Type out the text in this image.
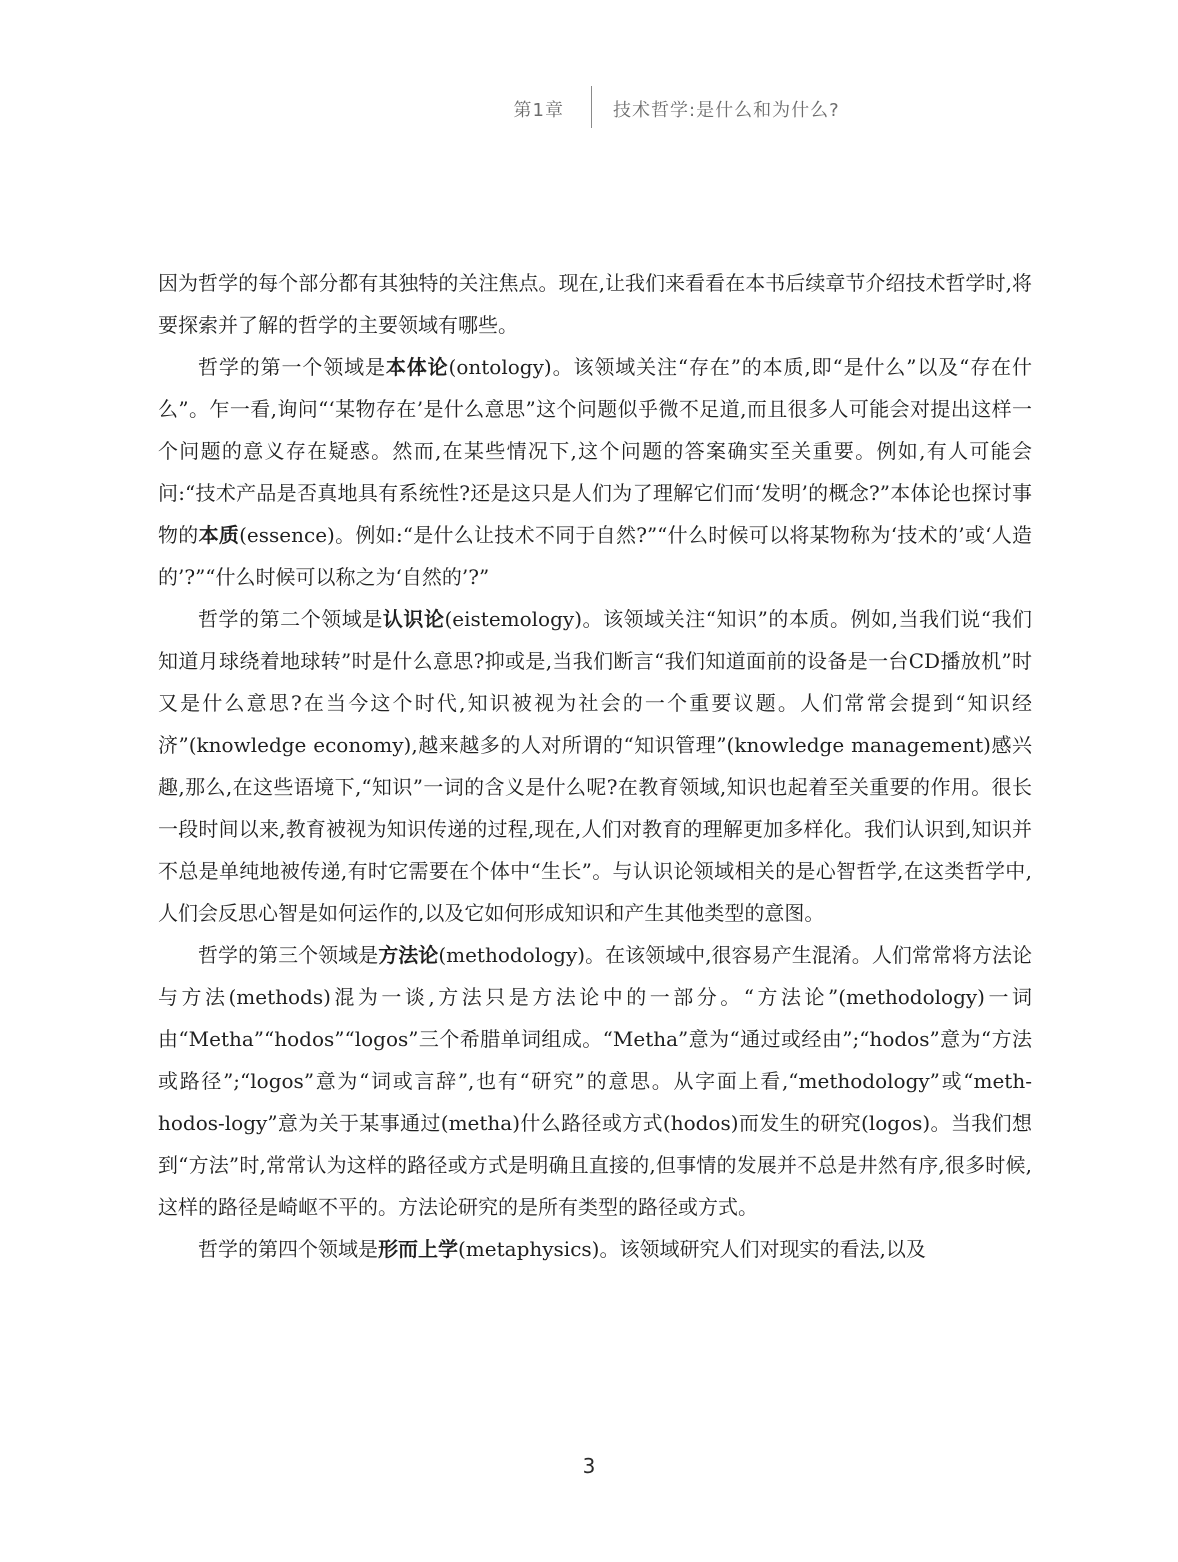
第1章	技术哲学:是什么和为什么?

因为哲学的每个部分都有其独特的关注焦点。现在,让我们来看看在本书后续章节介绍技术哲学时,将要探索并了解的哲学的主要领域有哪些。

哲学的第一个领域是本体论(ontology)。该领域关注“存在”的本质,即“是什么”以及“存在什么”。乍一看,询问“‘某物存在’是什么意思”这个问题似乎微不足道,而且很多人可能会对提出这样一个问题的意义存在疑惑。然而,在某些情况下,这个问题的答案确实至关重要。例如,有人可能会问:“技术产品是否真地具有系统性?还是这只是人们为了理解它们而‘发明’的概念?”本体论也探讨事物的本质(essence)。例如:“是什么让技术不同于自然?”“什么时候可以将某物称为‘技术的’或‘人造的’?”“什么时候可以称之为‘自然的’?”

哲学的第二个领域是认识论(eistemology)。该领域关注“知识”的本质。例如,当我们说“我们知道月球绕着地球转”时是什么意思?抑或是,当我们断言“我们知道面前的设备是一台CD播放机”时又是什么意思?在当今这个时代,知识被视为社会的一个重要议题。人们常常会提到“知识经济”(knowledge economy),越来越多的人对所谓的“知识管理”(knowledge management)感兴趣,那么,在这些语境下,“知识”一词的含义是什么呢?在教育领域,知识也起着至关重要的作用。很长一段时间以来,教育被视为知识传递的过程,现在,人们对教育的理解更加多样化。我们认识到,知识并不总是单纯地被传递,有时它需要在个体中“生长”。与认识论领域相关的是心智哲学,在这类哲学中,人们会反思心智是如何运作的,以及它如何形成知识和产生其他类型的意图。

哲学的第三个领域是方法论(methodology)。在该领域中,很容易产生混淆。人们常常将方法论与方法(methods)混为一谈,方法只是方法论中的一部分。“方法论”(methodology)一词由“Metha”“hodos”“logos”三个希腊单词组成。“Metha”意为“通过或经由”;“hodos”意为“方法或路径”;“logos”意为“词或言辞”,也有“研究”的意思。从字面上看,“methodology”或“meth-hodos-logy”意为关于某事通过(metha)什么路径或方式(hodos)而发生的研究(logos)。当我们想到“方法”时,常常认为这样的路径或方式是明确且直接的,但事情的发展并不总是井然有序,很多时候,这样的路径是崎岖不平的。方法论研究的是所有类型的路径或方式。

哲学的第四个领域是形而上学(metaphysics)。该领域研究人们对现实的看法,以及

3
